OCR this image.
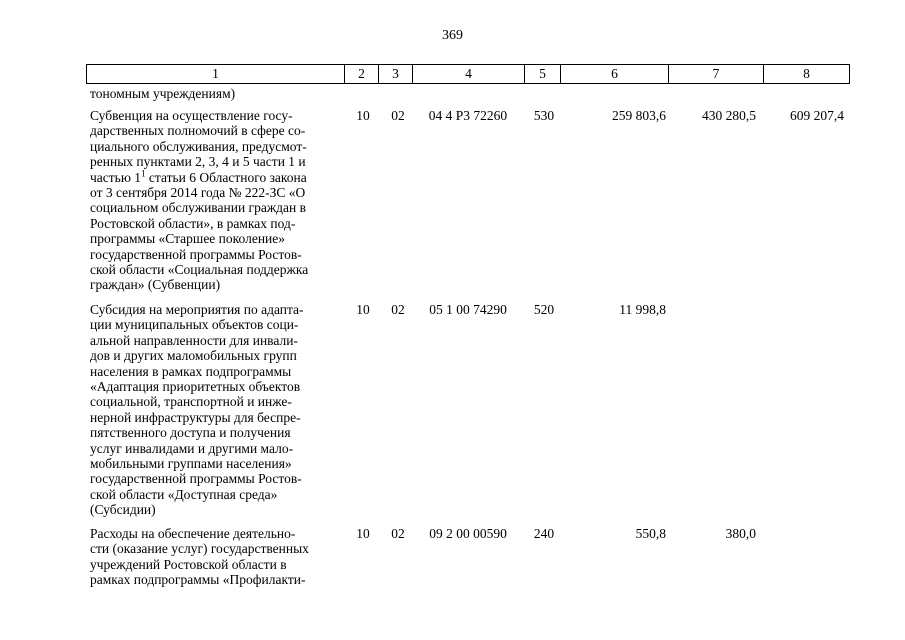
369
1	2	3	4	5	6	7	8
тономным учреждениям)
Субвенция на осуществление госу-
дарственных полномочий в сфере со-
циального обслуживания, предусмот-
ренных пунктами 2, 3, 4 и 5 части 1 и
частью $1^1$ статьи 6 Областного закона
от 3 сентября 2014 года № 222-ЗС «О
социальном обслуживании граждан в
Ростовской области», в рамках под-
программы «Старшее поколение»
государственной программы Ростов-
ской области «Социальная поддержка
граждан» (Субвенции)
10	02	04 4 P3 72260	530	259 803,6	430 280,5	609 207,4
Субсидия на мероприятия по адапта-
ции муниципальных объектов соци-
альной направленности для инвали-
дов и других маломобильных групп
населения в рамках подпрограммы
«Адаптация приоритетных объектов
социальной, транспортной и инже-
нерной инфраструктуры для беспре-
пятственного доступа и получения
услуг инвалидами и другими мало-
мобильными группами населения»
государственной программы Ростов-
ской области «Доступная среда»
(Субсидии)
10	02	05 1 00 74290	520	11 998,8
Расходы на обеспечение деятельно-
сти (оказание услуг) государственных
учреждений Ростовской области в
рамках подпрограммы «Профилакти-
10	02	09 2 00 00590	240	550,8	380,0
